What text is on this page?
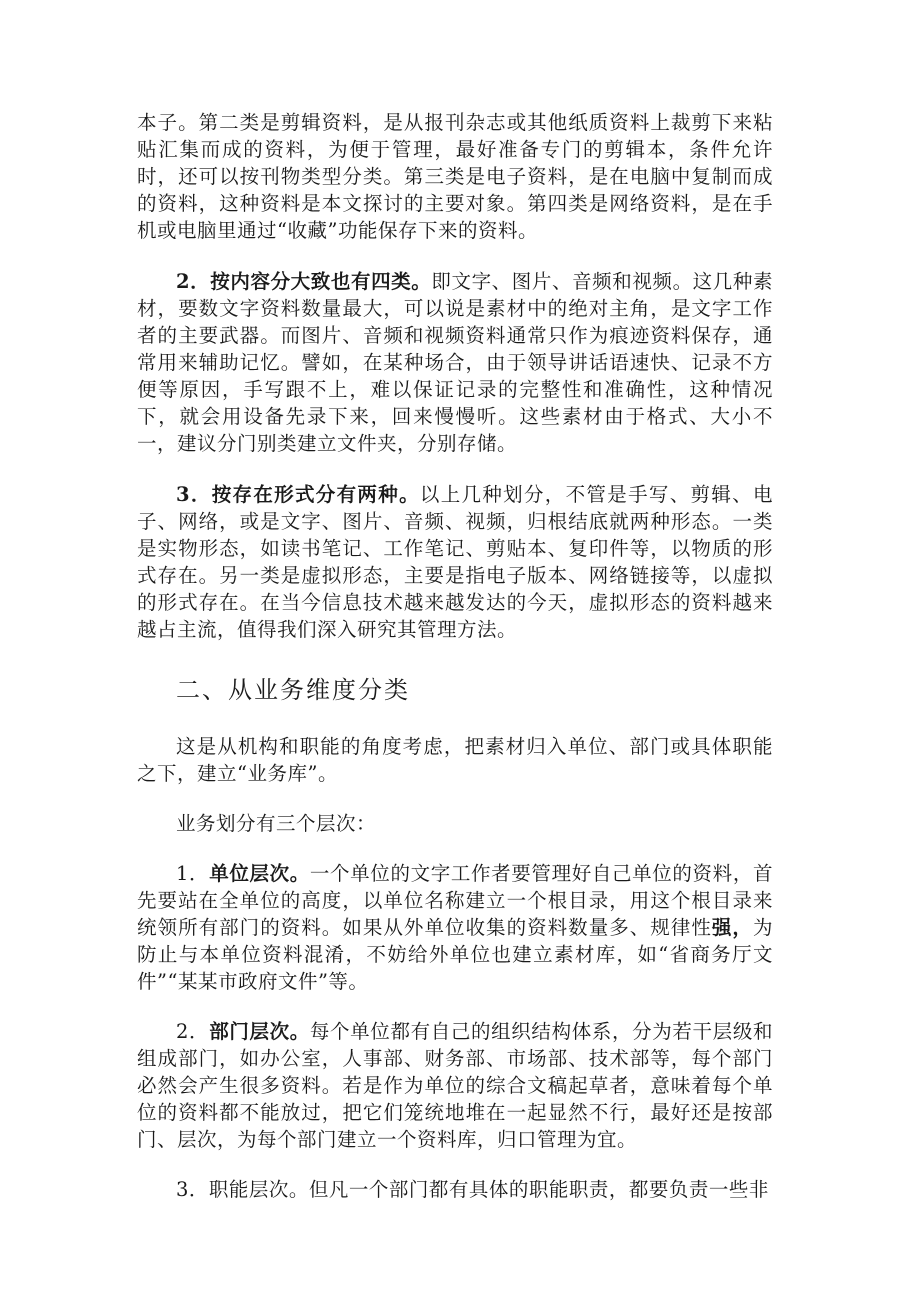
本子。第二类是剪辑资料，是从报刊杂志或其他纸质资料上裁剪下来粘贴汇集而成的资料，为便于管理，最好准备专门的剪辑本，条件允许时，还可以按刊物类型分类。第三类是电子资料，是在电脑中复制而成的资料，这种资料是本文探讨的主要对象。第四类是网络资料，是在手机或电脑里通过“收藏”功能保存下来的资料。

2．按内容分大致也有四类。即文字、图片、音频和视频。这几种素材，要数文字资料数量最大，可以说是素材中的绝对主角，是文字工作者的主要武器。而图片、音频和视频资料通常只作为痕迹资料保存，通常用来辅助记忆。譬如，在某种场合，由于领导讲话语速快、记录不方便等原因，手写跟不上，难以保证记录的完整性和准确性，这种情况下，就会用设备先录下来，回来慢慢听。这些素材由于格式、大小不一，建议分门别类建立文件夹，分别存储。

3．按存在形式分有两种。以上几种划分，不管是手写、剪辑、电子、网络，或是文字、图片、音频、视频，归根结底就两种形态。一类是实物形态，如读书笔记、工作笔记、剪贴本、复印件等，以物质的形式存在。另一类是虚拟形态，主要是指电子版本、网络链接等，以虚拟的形式存在。在当今信息技术越来越发达的今天，虚拟形态的资料越来越占主流，值得我们深入研究其管理方法。

二、从业务维度分类

这是从机构和职能的角度考虑，把素材归入单位、部门或具体职能之下，建立“业务库”。

业务划分有三个层次：

1．单位层次。一个单位的文字工作者要管理好自己单位的资料，首先要站在全单位的高度，以单位名称建立一个根目录，用这个根目录来统领所有部门的资料。如果从外单位收集的资料数量多、规律性强，为防止与本单位资料混淆，不妨给外单位也建立素材库，如“省商务厅文件”“某某市政府文件”等。

2．部门层次。每个单位都有自己的组织结构体系，分为若干层级和组成部门，如办公室，人事部、财务部、市场部、技术部等，每个部门必然会产生很多资料。若是作为单位的综合文稿起草者，意味着每个单位的资料都不能放过，把它们笼统地堆在一起显然不行，最好还是按部门、层次，为每个部门建立一个资料库，归口管理为宜。

3．职能层次。但凡一个部门都有具体的职能职责，都要负责一些非
